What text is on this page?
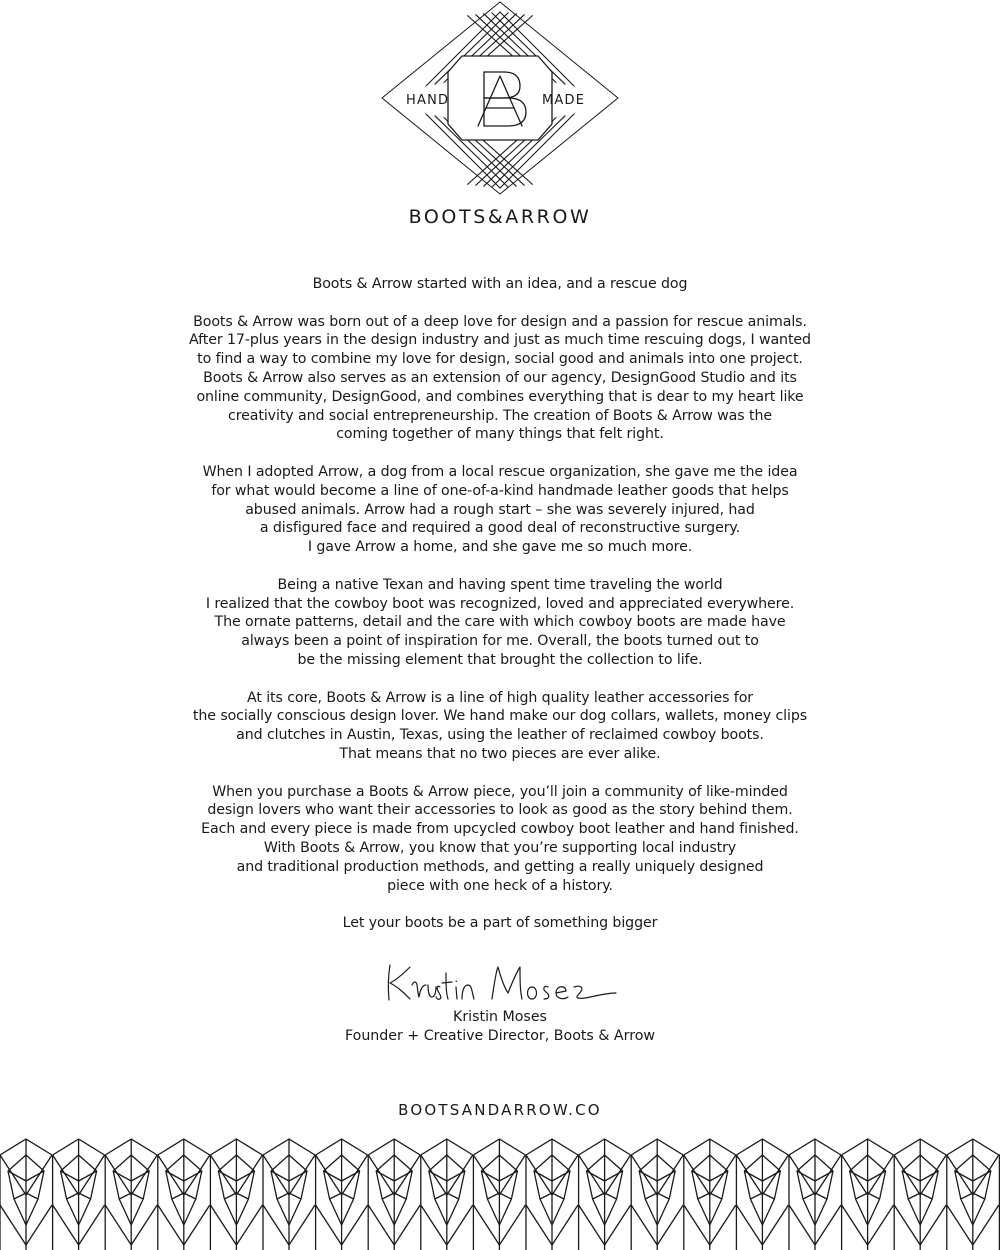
HAND	MADE
BOOTS&ARROW
Boots & Arrow started with an idea, and a rescue dog
Boots & Arrow was born out of a deep love for design and a passion for rescue animals.
After 17-plus years in the design industry and just as much time rescuing dogs, I wanted
to find a way to combine my love for design, social good and animals into one project.
Boots & Arrow also serves as an extension of our agency, DesignGood Studio and its
online community, DesignGood, and combines everything that is dear to my heart like
creativity and social entrepreneurship. The creation of Boots & Arrow was the
coming together of many things that felt right.
When I adopted Arrow, a dog from a local rescue organization, she gave me the idea
for what would become a line of one-of-a-kind handmade leather goods that helps
abused animals. Arrow had a rough start – she was severely injured, had
a disfigured face and required a good deal of reconstructive surgery.
I gave Arrow a home, and she gave me so much more.
Being a native Texan and having spent time traveling the world
I realized that the cowboy boot was recognized, loved and appreciated everywhere.
The ornate patterns, detail and the care with which cowboy boots are made have
always been a point of inspiration for me. Overall, the boots turned out to
be the missing element that brought the collection to life.
At its core, Boots & Arrow is a line of high quality leather accessories for
the socially conscious design lover. We hand make our dog collars, wallets, money clips
and clutches in Austin, Texas, using the leather of reclaimed cowboy boots.
That means that no two pieces are ever alike.
When you purchase a Boots & Arrow piece, you’ll join a community of like-minded
design lovers who want their accessories to look as good as the story behind them.
Each and every piece is made from upcycled cowboy boot leather and hand finished.
With Boots & Arrow, you know that you’re supporting local industry
and traditional production methods, and getting a really uniquely designed
piece with one heck of a history.
Let your boots be a part of something bigger
Kristin Moses
Founder + Creative Director, Boots & Arrow
BOOTSANDARROW.CO
